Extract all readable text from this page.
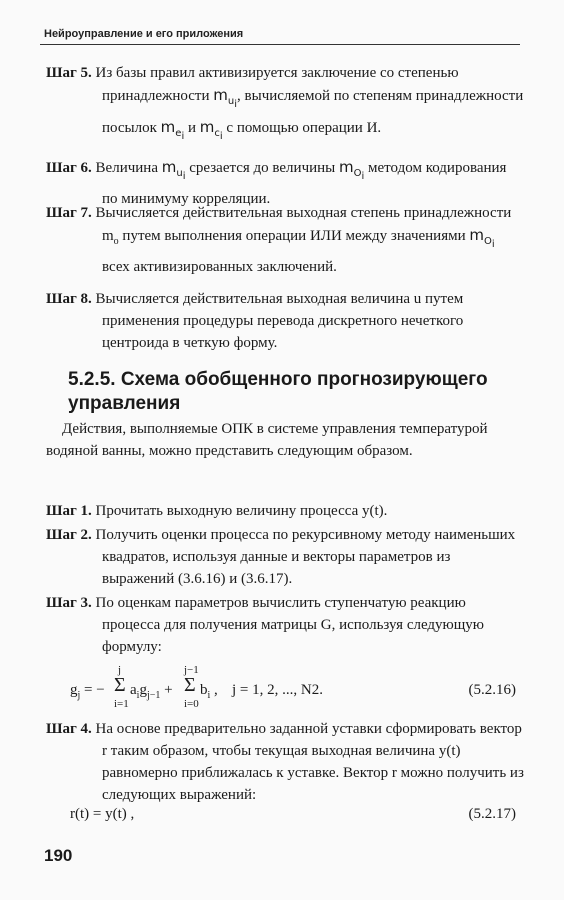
Нейроуправление и его приложения
Шаг 5. Из базы правил активизируется заключение со степенью принадлежности $m_{u_i}$, вычисляемой по степеням принадлежности посылок $m_{e_i}$ и $m_{c_i}$ с помощью операции И.
Шаг 6. Величина $m_{u_i}$ срезается до величины $m_{O_i}$ методом кодирования по минимуму корреляции.
Шаг 7. Вычисляется действительная выходная степень принадлежности $m_o$ путем выполнения операции ИЛИ между значениями $m_{O_i}$ всех активизированных заключений.
Шаг 8. Вычисляется действительная выходная величина u путем применения процедуры перевода дискретного нечеткого центроида в четкую форму.
5.2.5. Схема обобщенного прогнозирующего управления
Действия, выполняемые ОПК в системе управления температурой водяной ванны, можно представить следующим образом.
Шаг 1. Прочитать выходную величину процесса y(t).
Шаг 2. Получить оценки процесса по рекурсивному методу наименьших квадратов, используя данные и векторы параметров из выражений (3.6.16) и (3.6.17).
Шаг 3. По оценкам параметров вычислить ступенчатую реакцию процесса для получения матрицы G, используя следующую формулу:
$g_j$ = −
j
Σ
i=1
$a_ig_{j-1}$ +
j−1
Σ
i=0
$b_i$ , j = 1, 2, ..., N2.	(5.2.16)
Шаг 4. На основе предварительно заданной уставки сформировать вектор r таким образом, чтобы текущая выходная величина y(t) равномерно приближалась к уставке. Вектор r можно получить из следующих выражений:
r(t) = y(t) ,	(5.2.17)
190
